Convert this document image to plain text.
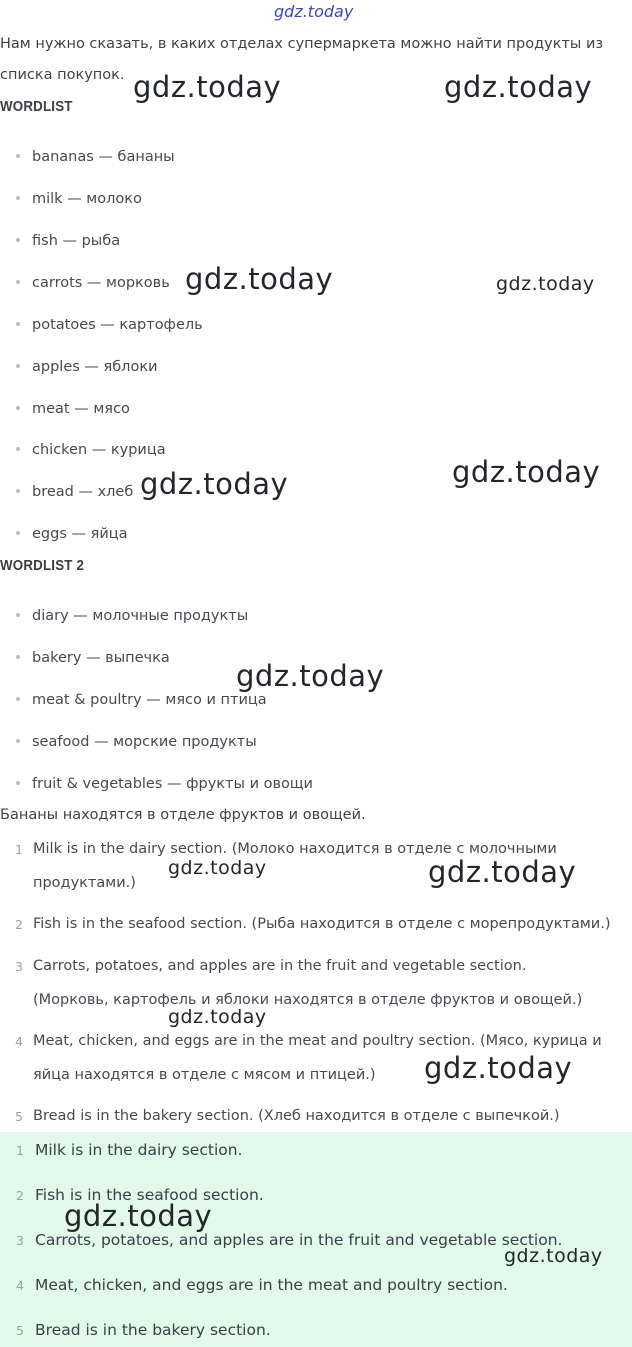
gdz.today
Нам нужно сказать, в каких отделах супермаркета можно найти продукты из
списка покупок.
WORDLIST
bananas — бананы
milk — молоко
fish — рыба
carrots — морковь
potatoes — картофель
apples — яблоки
meat — мясо
chicken — курица
bread — хлеб
eggs — яйца
WORDLIST 2
diary — молочные продукты
bakery — выпечка
meat & poultry — мясо и птица
seafood — морские продукты
fruit & vegetables — фрукты и овощи
Бананы находятся в отделе фруктов и овощей.
1 Milk is in the dairy section. (Молоко находится в отделе с молочными
продуктами.)
2 Fish is in the seafood section. (Рыба находится в отделе с морепродуктами.)
3 Carrots, potatoes, and apples are in the fruit and vegetable section.
(Морковь, картофель и яблоки находятся в отделе фруктов и овощей.)
4 Meat, chicken, and eggs are in the meat and poultry section. (Мясо, курица и
яйца находятся в отделе с мясом и птицей.)
5 Bread is in the bakery section. (Хлеб находится в отделе с выпечкой.)
1 Milk is in the dairy section.
2 Fish is in the seafood section.
3 Carrots, potatoes, and apples are in the fruit and vegetable section.
4 Meat, chicken, and eggs are in the meat and poultry section.
5 Bread is in the bakery section.
gdz.today	gdz.today
gdz.today	gdz.today
gdz.today
gdz.today
gdz.today
gdz.today	gdz.today
gdz.today
gdz.today
gdz.today
gdz.today
